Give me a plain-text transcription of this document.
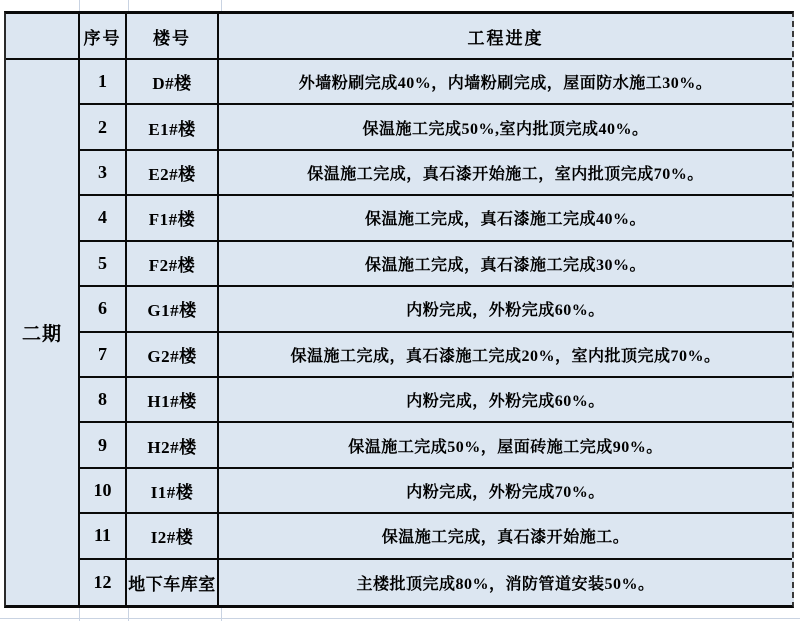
序号	楼号	工程进度
二期
1	D#楼	外墙粉刷完成40%，内墙粉刷完成，屋面防水施工30%。
2	E1#楼	保温施工完成50%,室内批顶完成40%。
3	E2#楼	保温施工完成，真石漆开始施工，室内批顶完成70%。
4	F1#楼	保温施工完成，真石漆施工完成40%。
5	F2#楼	保温施工完成，真石漆施工完成30%。
6	G1#楼	内粉完成，外粉完成60%。
7	G2#楼	保温施工完成，真石漆施工完成20%，室内批顶完成70%。
8	H1#楼	内粉完成，外粉完成60%。
9	H2#楼	保温施工完成50%，屋面砖施工完成90%。
10	I1#楼	内粉完成，外粉完成70%。
11	I2#楼	保温施工完成，真石漆开始施工。
12 地下车库室	主楼批顶完成80%，消防管道安装50%。
